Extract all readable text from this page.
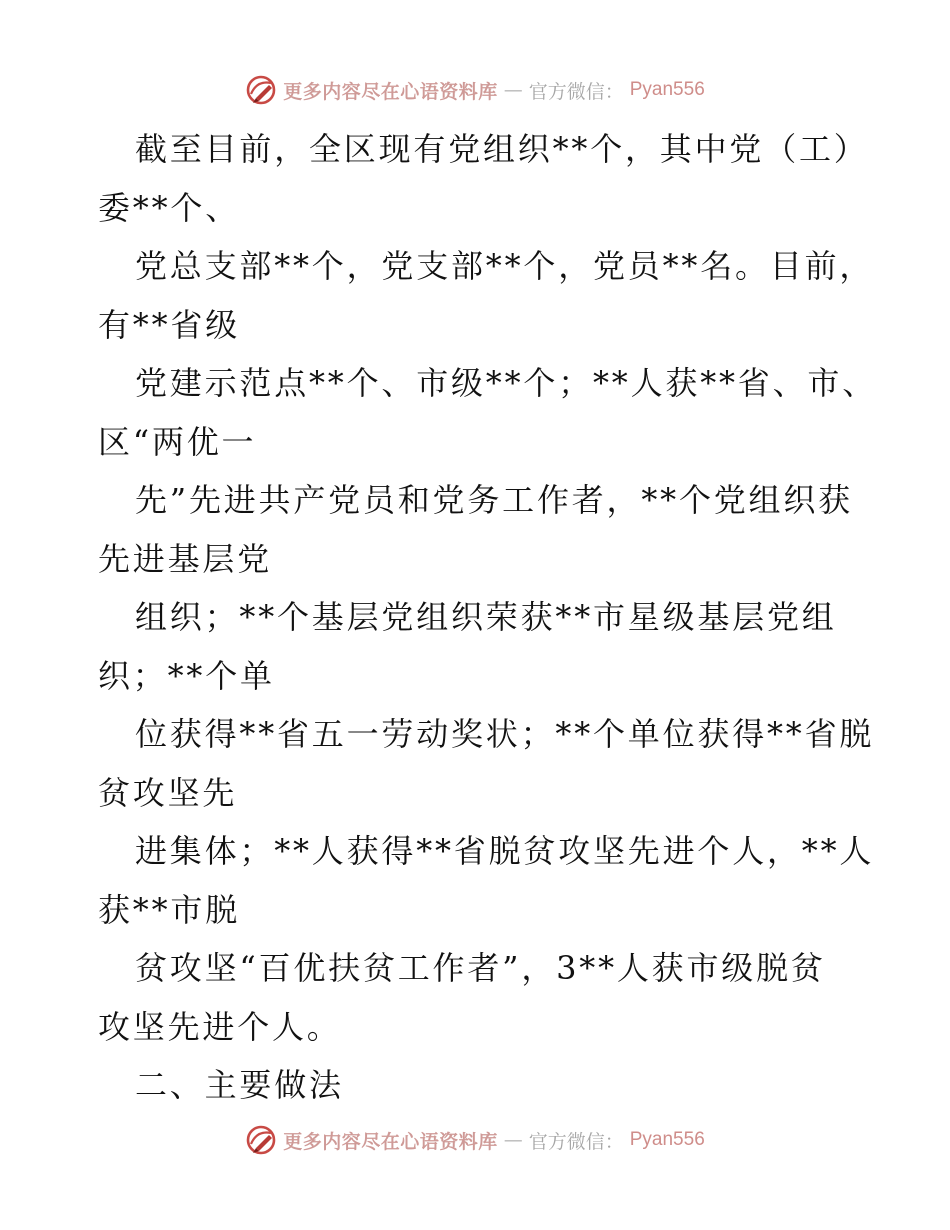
更多内容尽在心语资料库 — 官方微信： Pyan556
截至目前，全区现有党组织**个，其中党（工）
委**个、
党总支部**个，党支部**个，党员**名。目前，
有**省级
党建示范点**个、市级**个；**人获**省、市、
区“两优一
先”先进共产党员和党务工作者，**个党组织获
先进基层党
组织；**个基层党组织荣获**市星级基层党组
织；**个单
位获得**省五一劳动奖状；**个单位获得**省脱
贫攻坚先
进集体；**人获得**省脱贫攻坚先进个人，**人
获**市脱
贫攻坚“百优扶贫工作者”，3**人获市级脱贫
攻坚先进个人。
二、主要做法
更多内容尽在心语资料库 — 官方微信： Pyan556
